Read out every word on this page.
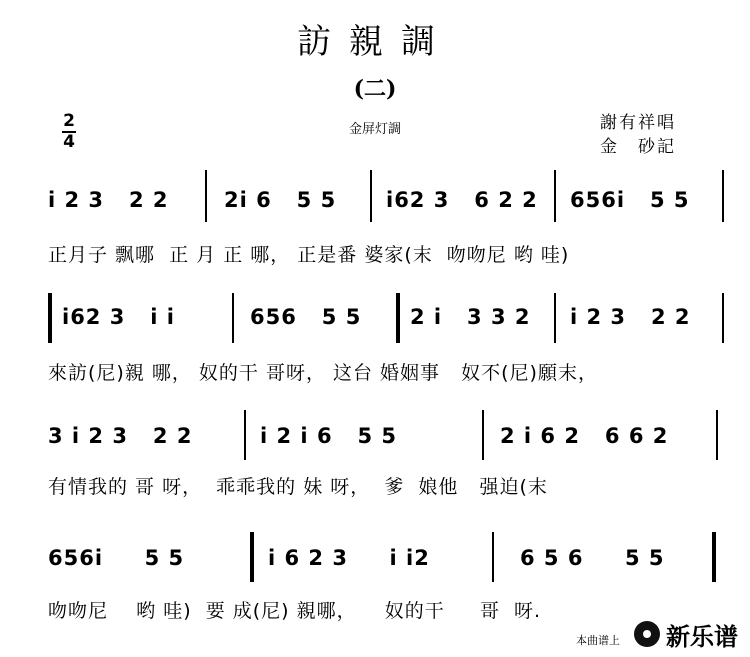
訪親調
(二)
金屏灯調	謝有祥唱
金　砂記
2
4
i 2 3   2 2	2i 6   5 5 i62 3   6 2 2 656i   5 5
正月子 飘哪  正 月 正 哪， 正是番 婆家(末  吻吻尼 哟 哇)
i62 3   i i	656   5 5 2 i   3 3 2 i 2 3   2 2
來訪(尼)親 哪， 奴的干 哥呀， 这台 婚姻事   奴不(尼)願末，
3 i 2 3   2 2	i 2 i 6   5 5	2 i 6 2   6 6 2
有情我的 哥 呀，  乖乖我的 妹 呀，  爹  娘他   强迫(末
656i     5 5	i 6 2 3     i i2	6 5 6     5 5
吻吻尼    哟 哇)  要 成(尼) 親哪，    奴的干     哥  呀.
本曲谱上 新乐谱
